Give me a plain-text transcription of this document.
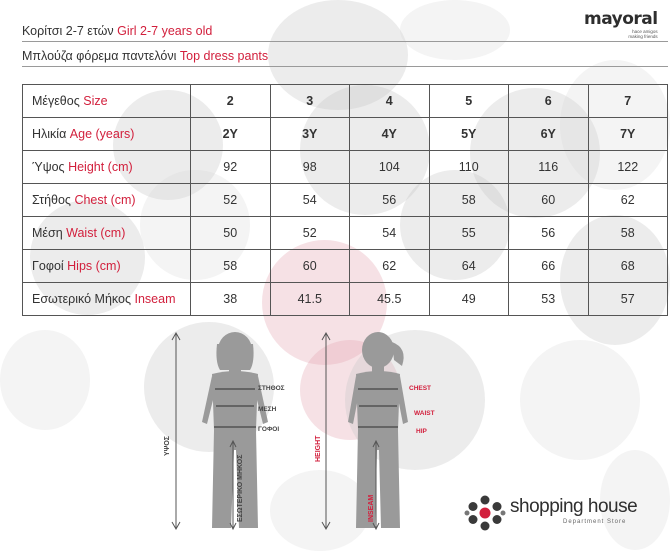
Κορίτσι 2-7 ετών Girl 2-7 years old
Μπλούζα φόρεμα παντελόνι Top dress pants
mayoral
hace amigos
making friends
Μέγεθος Size	2	3	4	5	6	7
Ηλικία Age (years)	2Y	3Y	4Y	5Y	6Y	7Y
Ύψος Height (cm)	92	98	104	110	116	122
Στήθος Chest (cm)	52	54	56	58	60	62
Μέση Waist (cm)	50	52	54	55	56	58
Γοφοί Hips (cm)	58	60	62	64	66	68
Εσωτερικό Μήκος Inseam	38	41.5	45.5	49	53	57
ΣΤΗΘΟΣ
ΜΕΣΗ
ΓΟΦΟΙ
ΥΨΟΣ
ΕΣΩΤΕΡΙΚΟ ΜΗΚΟΣ
CHEST
WAIST
HIP
HEIGHT
INSEAM	shopping house
Department Store
